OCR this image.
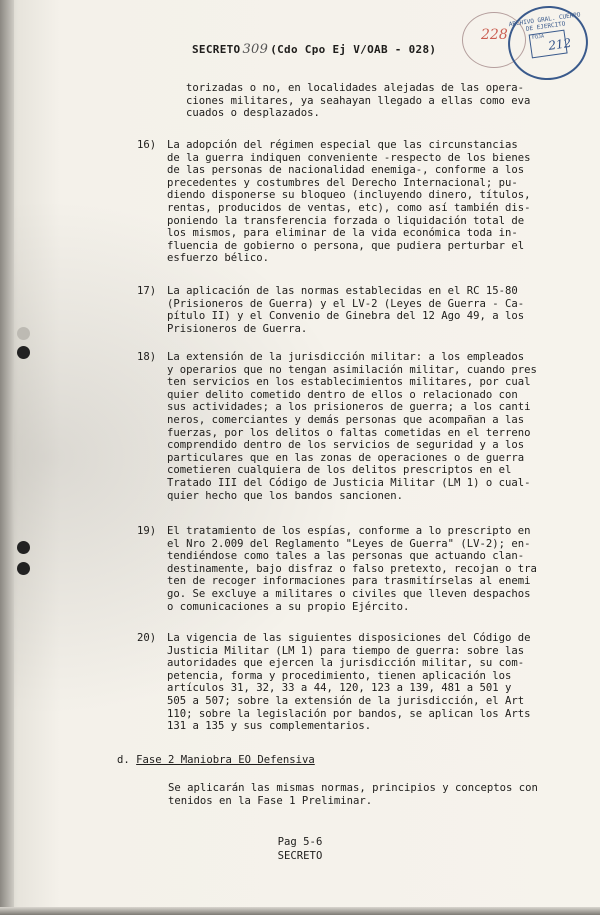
SECRETO 309 (Cdo Cpo Ej V/OAB - 028)
228
ARCHIVO GRAL. CUERPO DE EJERCITO
FOJA 212
torizadas o no, en localidades alejadas de las opera-
ciones militares, ya seahayan llegado a ellas como eva
cuados o desplazados.
16) La adopción del régimen especial que las circunstancias
de la guerra indiquen conveniente -respecto de los bienes
de las personas de nacionalidad enemiga-, conforme a los
precedentes y costumbres del Derecho Internacional; pu-
diendo disponerse su bloqueo (incluyendo dinero, títulos,
rentas, producidos de ventas, etc), como así también dis-
poniendo la transferencia forzada o liquidación total de
los mismos, para eliminar de la vida económica toda in-
fluencia de gobierno o persona, que pudiera perturbar el
esfuerzo bélico.
17) La aplicación de las normas establecidas en el RC 15-80
(Prisioneros de Guerra) y el LV-2 (Leyes de Guerra - Ca-
pítulo II) y el Convenio de Ginebra del 12 Ago 49, a los
Prisioneros de Guerra.
18) La extensión de la jurisdicción militar: a los empleados
y operarios que no tengan asimilación militar, cuando pres
ten servicios en los establecimientos militares, por cual
quier delito cometido dentro de ellos o relacionado con
sus actividades; a los prisioneros de guerra; a los canti
neros, comerciantes y demás personas que acompañan a las
fuerzas, por los delitos o faltas cometidas en el terreno
comprendido dentro de los servicios de seguridad y a los
particulares que en las zonas de operaciones o de guerra
cometieren cualquiera de los delitos prescriptos en el
Tratado III del Código de Justicia Militar (LM 1) o cual-
quier hecho que los bandos sancionen.
19) El tratamiento de los espías, conforme a lo prescripto en
el Nro 2.009 del Reglamento "Leyes de Guerra" (LV-2); en-
tendiéndose como tales a las personas que actuando clan-
destinamente, bajo disfraz o falso pretexto, recojan o tra
ten de recoger informaciones para trasmitírselas al enemi
go. Se excluye a militares o civiles que lleven despachos
o comunicaciones a su propio Ejército.
20) La vigencia de las siguientes disposiciones del Código de
Justicia Militar (LM 1) para tiempo de guerra: sobre las
autoridades que ejercen la jurisdicción militar, su com-
petencia, forma y procedimiento, tienen aplicación los
artículos 31, 32, 33 a 44, 120, 123 a 139, 481 a 501 y
505 a 507; sobre la extensión de la jurisdicción, el Art
110; sobre la legislación por bandos, se aplican los Arts
131 a 135 y sus complementarios.
d. Fase 2 Maniobra EO Defensiva
Se aplicarán las mismas normas, principios y conceptos con
tenidos en la Fase 1 Preliminar.
Pag 5-6
SECRETO
